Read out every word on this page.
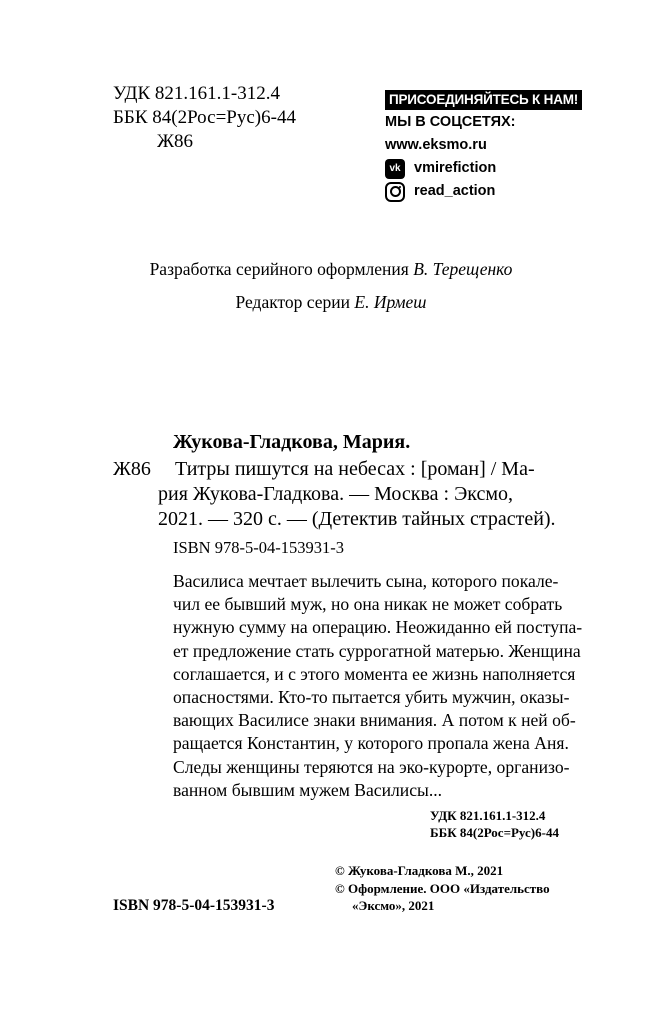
УДК 821.161.1-312.4
ББК 84(2Рос=Рус)6-44
Ж86
ПРИСОЕДИНЯЙТЕСЬ К НАМ!
МЫ В СОЦСЕТЯХ:
www.eksmo.ru
vk vmirefiction
read_action
Разработка серийного оформления В. Терещенко
Редактор серии Е. Ирмеш
Жукова-Гладкова, Мария.
Ж86 Титры пишутся на небесах : [роман] / Ма-
рия Жукова-Гладкова. — Москва : Эксмо,
2021. — 320 с. — (Детектив тайных страстей).
ISBN 978-5-04-153931-3
Василиса мечтает вылечить сына, которого покале-
чил ее бывший муж, но она никак не может собрать
нужную сумму на операцию. Неожиданно ей поступа-
ет предложение стать суррогатной матерью. Женщина
соглашается, и с этого момента ее жизнь наполняется
опасностями. Кто-то пытается убить мужчин, оказы-
вающих Василисе знаки внимания. А потом к ней об-
ращается Константин, у которого пропала жена Аня.
Следы женщины теряются на эко-курорте, организо-
ванном бывшим мужем Василисы...
УДК 821.161.1-312.4
ББК 84(2Рос=Рус)6-44
© Жукова-Гладкова М., 2021
© Оформление. ООО «Издательство
«Эксмо», 2021
ISBN 978-5-04-153931-3
